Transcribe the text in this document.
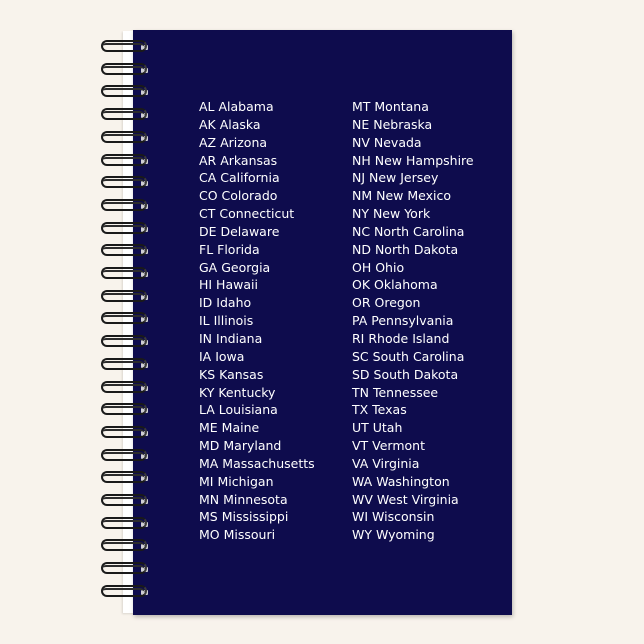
AL Alabama
AK Alaska
AZ Arizona
AR Arkansas
CA California
CO Colorado
CT Connecticut
DE Delaware
FL Florida
GA Georgia
HI Hawaii
ID Idaho
IL Illinois
IN Indiana
IA Iowa
KS Kansas
KY Kentucky
LA Louisiana
ME Maine
MD Maryland
MA Massachusetts
MI Michigan
MN Minnesota
MS Mississippi
MO Missouri
MT Montana
NE Nebraska
NV Nevada
NH New Hampshire
NJ New Jersey
NM New Mexico
NY New York
NC North Carolina
ND North Dakota
OH Ohio
OK Oklahoma
OR Oregon
PA Pennsylvania
RI Rhode Island
SC South Carolina
SD South Dakota
TN Tennessee
TX Texas
UT Utah
VT Vermont
VA Virginia
WA Washington
WV West Virginia
WI Wisconsin
WY Wyoming
